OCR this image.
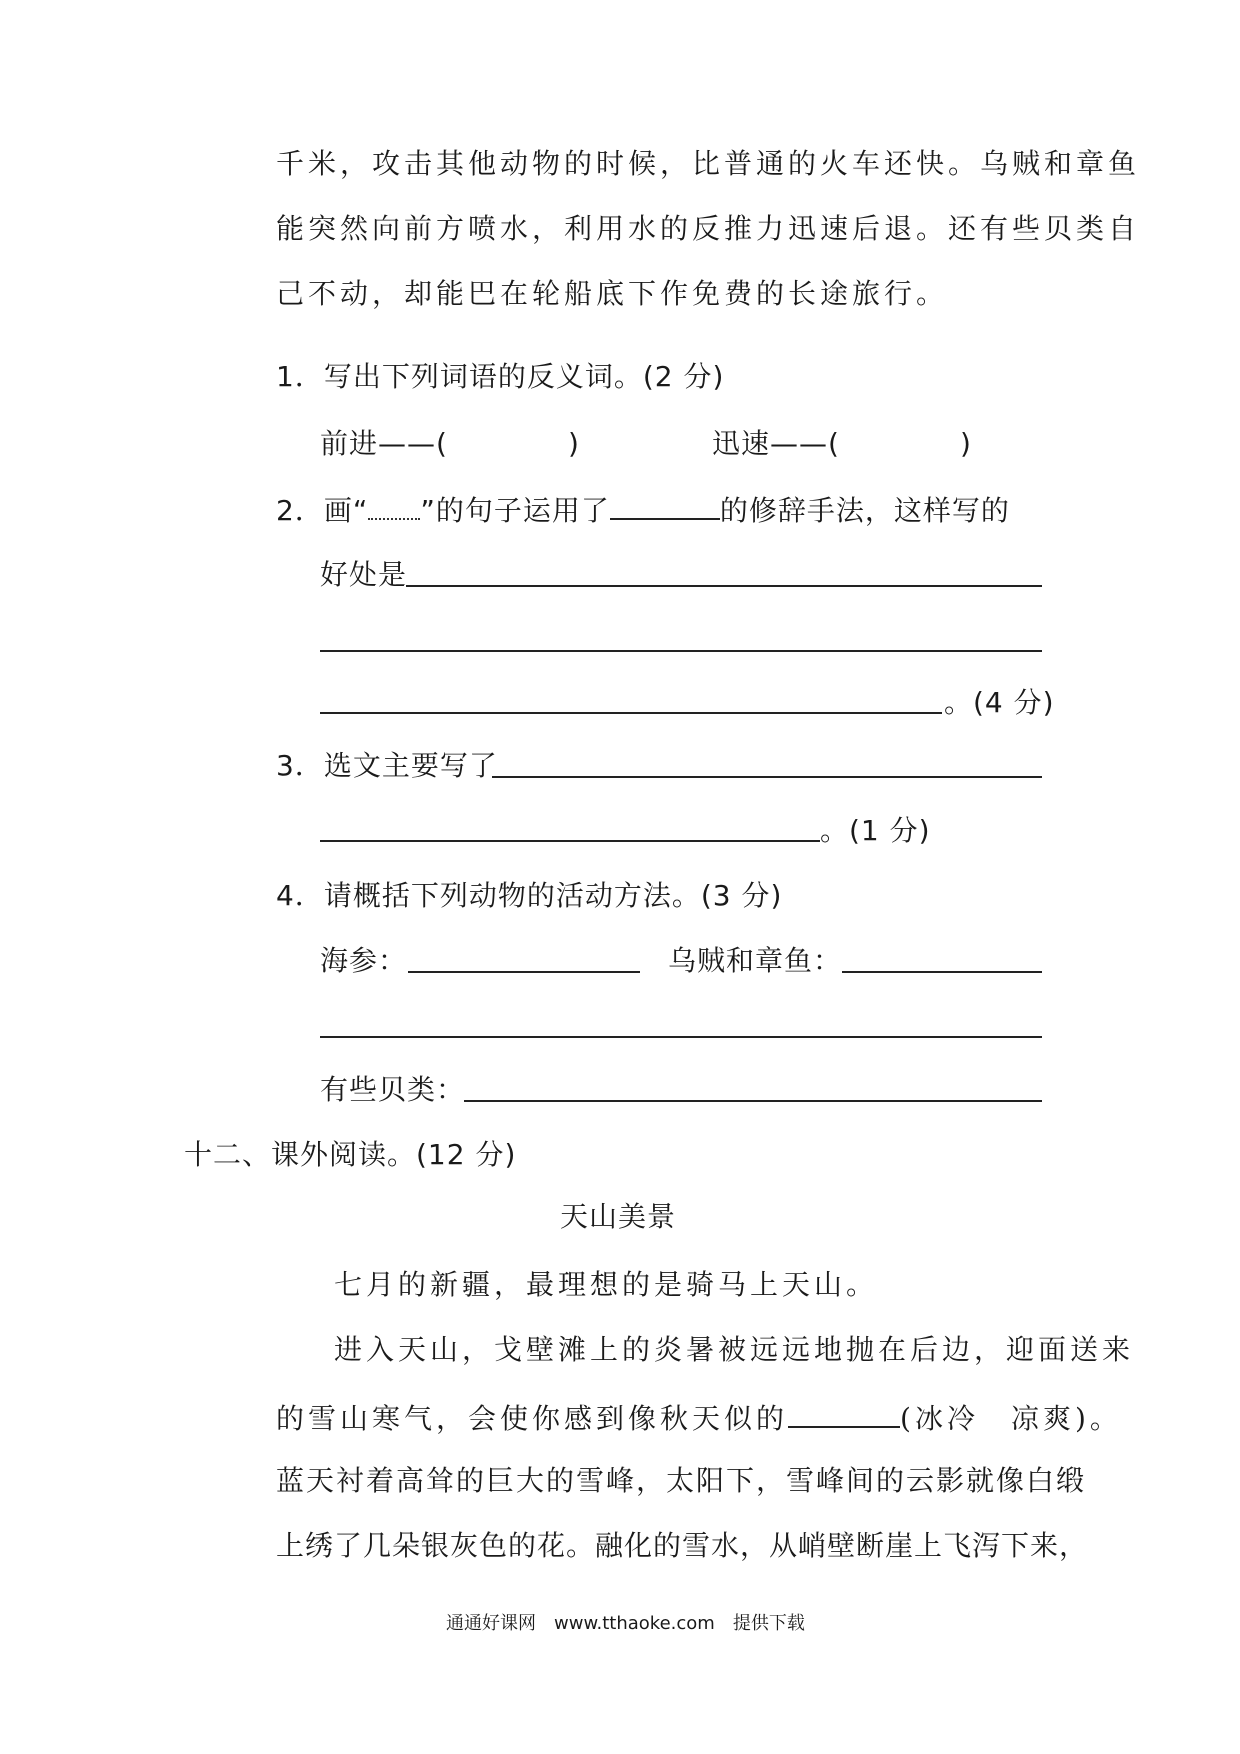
千米，攻击其他动物的时候，比普通的火车还快。乌贼和章鱼
能突然向前方喷水，利用水的反推力迅速后退。还有些贝类自
己不动，却能巴在轮船底下作免费的长途旅行。
1．写出下列词语的反义词。(2 分)
前进——(	)	迅速——(	)
2．画“ ”的句子运用了	的修辞手法，这样写的
好处是
。(4 分)
3．选文主要写了
。(1 分)
4．请概括下列动物的活动方法。(3 分)
海参：	乌贼和章鱼：
有些贝类：
十二、课外阅读。(12 分)
天山美景
七月的新疆，最理想的是骑马上天山。
进入天山，戈壁滩上的炎暑被远远地抛在后边，迎面送来
的雪山寒气，会使你感到像秋天似的	(冰冷　凉爽)。
蓝天衬着高耸的巨大的雪峰，太阳下，雪峰间的云影就像白缎
上绣了几朵银灰色的花。融化的雪水，从峭壁断崖上飞泻下来，
通通好课网　www.tthaoke.com　提供下载
